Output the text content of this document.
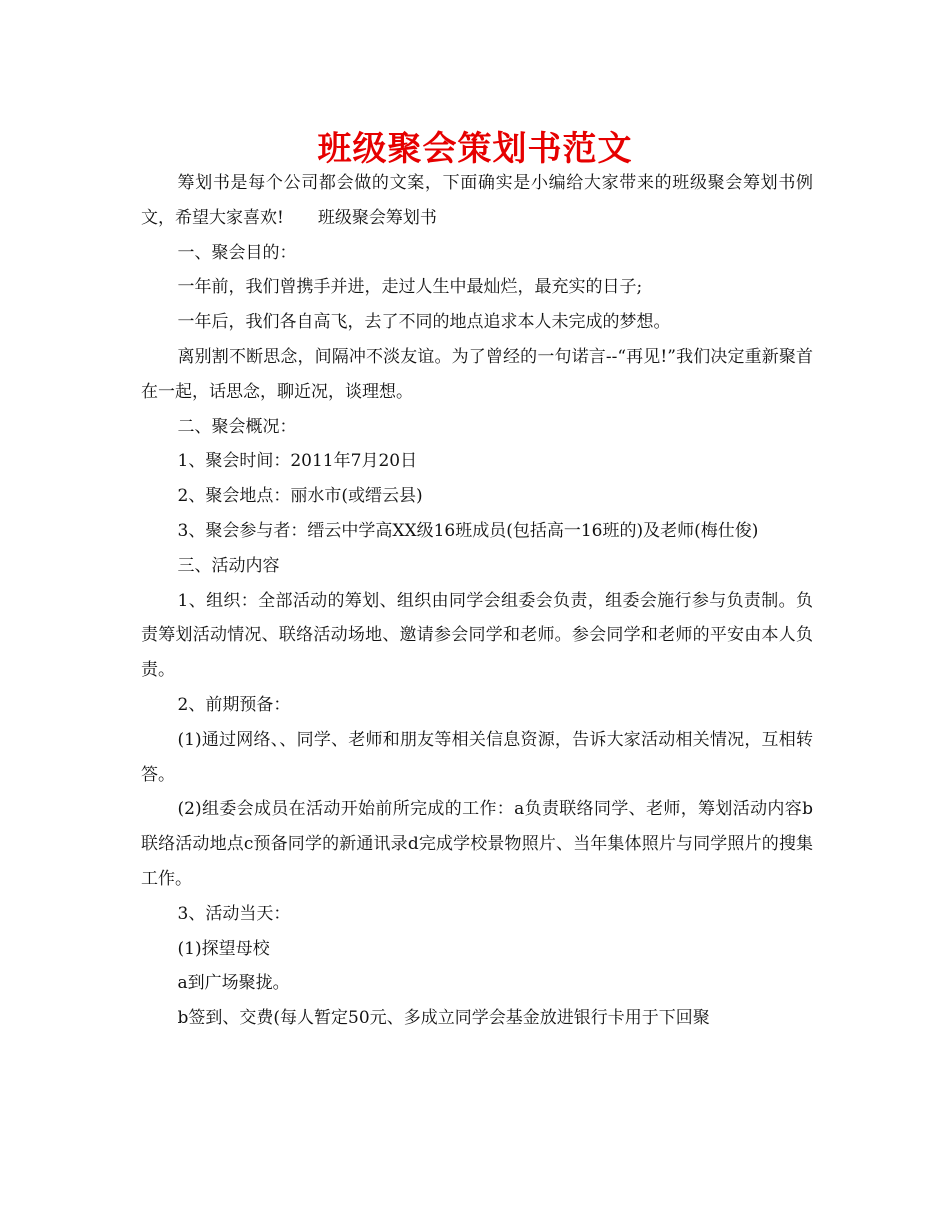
班级聚会策划书范文

筹划书是每个公司都会做的文案，下面确实是小编给大家带来的班级聚会筹划书例文，希望大家喜欢!　　班级聚会筹划书

一、聚会目的：

一年前，我们曾携手并进，走过人生中最灿烂，最充实的日子;

一年后，我们各自高飞，去了不同的地点追求本人未完成的梦想。

离别割不断思念，间隔冲不淡友谊。为了曾经的一句诺言--“再见!”我们决定重新聚首在一起，话思念，聊近况，谈理想。

二、聚会概况：

1、聚会时间：2011年7月20日

2、聚会地点：丽水市(或缙云县)

3、聚会参与者：缙云中学高XX级16班成员(包括高一16班的)及老师(梅仕俊)

三、活动内容

1、组织：全部活动的筹划、组织由同学会组委会负责，组委会施行参与负责制。负责筹划活动情况、联络活动场地、邀请参会同学和老师。参会同学和老师的平安由本人负责。

2、前期预备：

(1)通过网络、、同学、老师和朋友等相关信息资源，告诉大家活动相关情况，互相转答。

(2)组委会成员在活动开始前所完成的工作：a负责联络同学、老师，筹划活动内容b联络活动地点c预备同学的新通讯录d完成学校景物照片、当年集体照片与同学照片的搜集工作。

3、活动当天：

(1)探望母校

a到广场聚拢。

b签到、交费(每人暂定50元、多成立同学会基金放进银行卡用于下回聚
